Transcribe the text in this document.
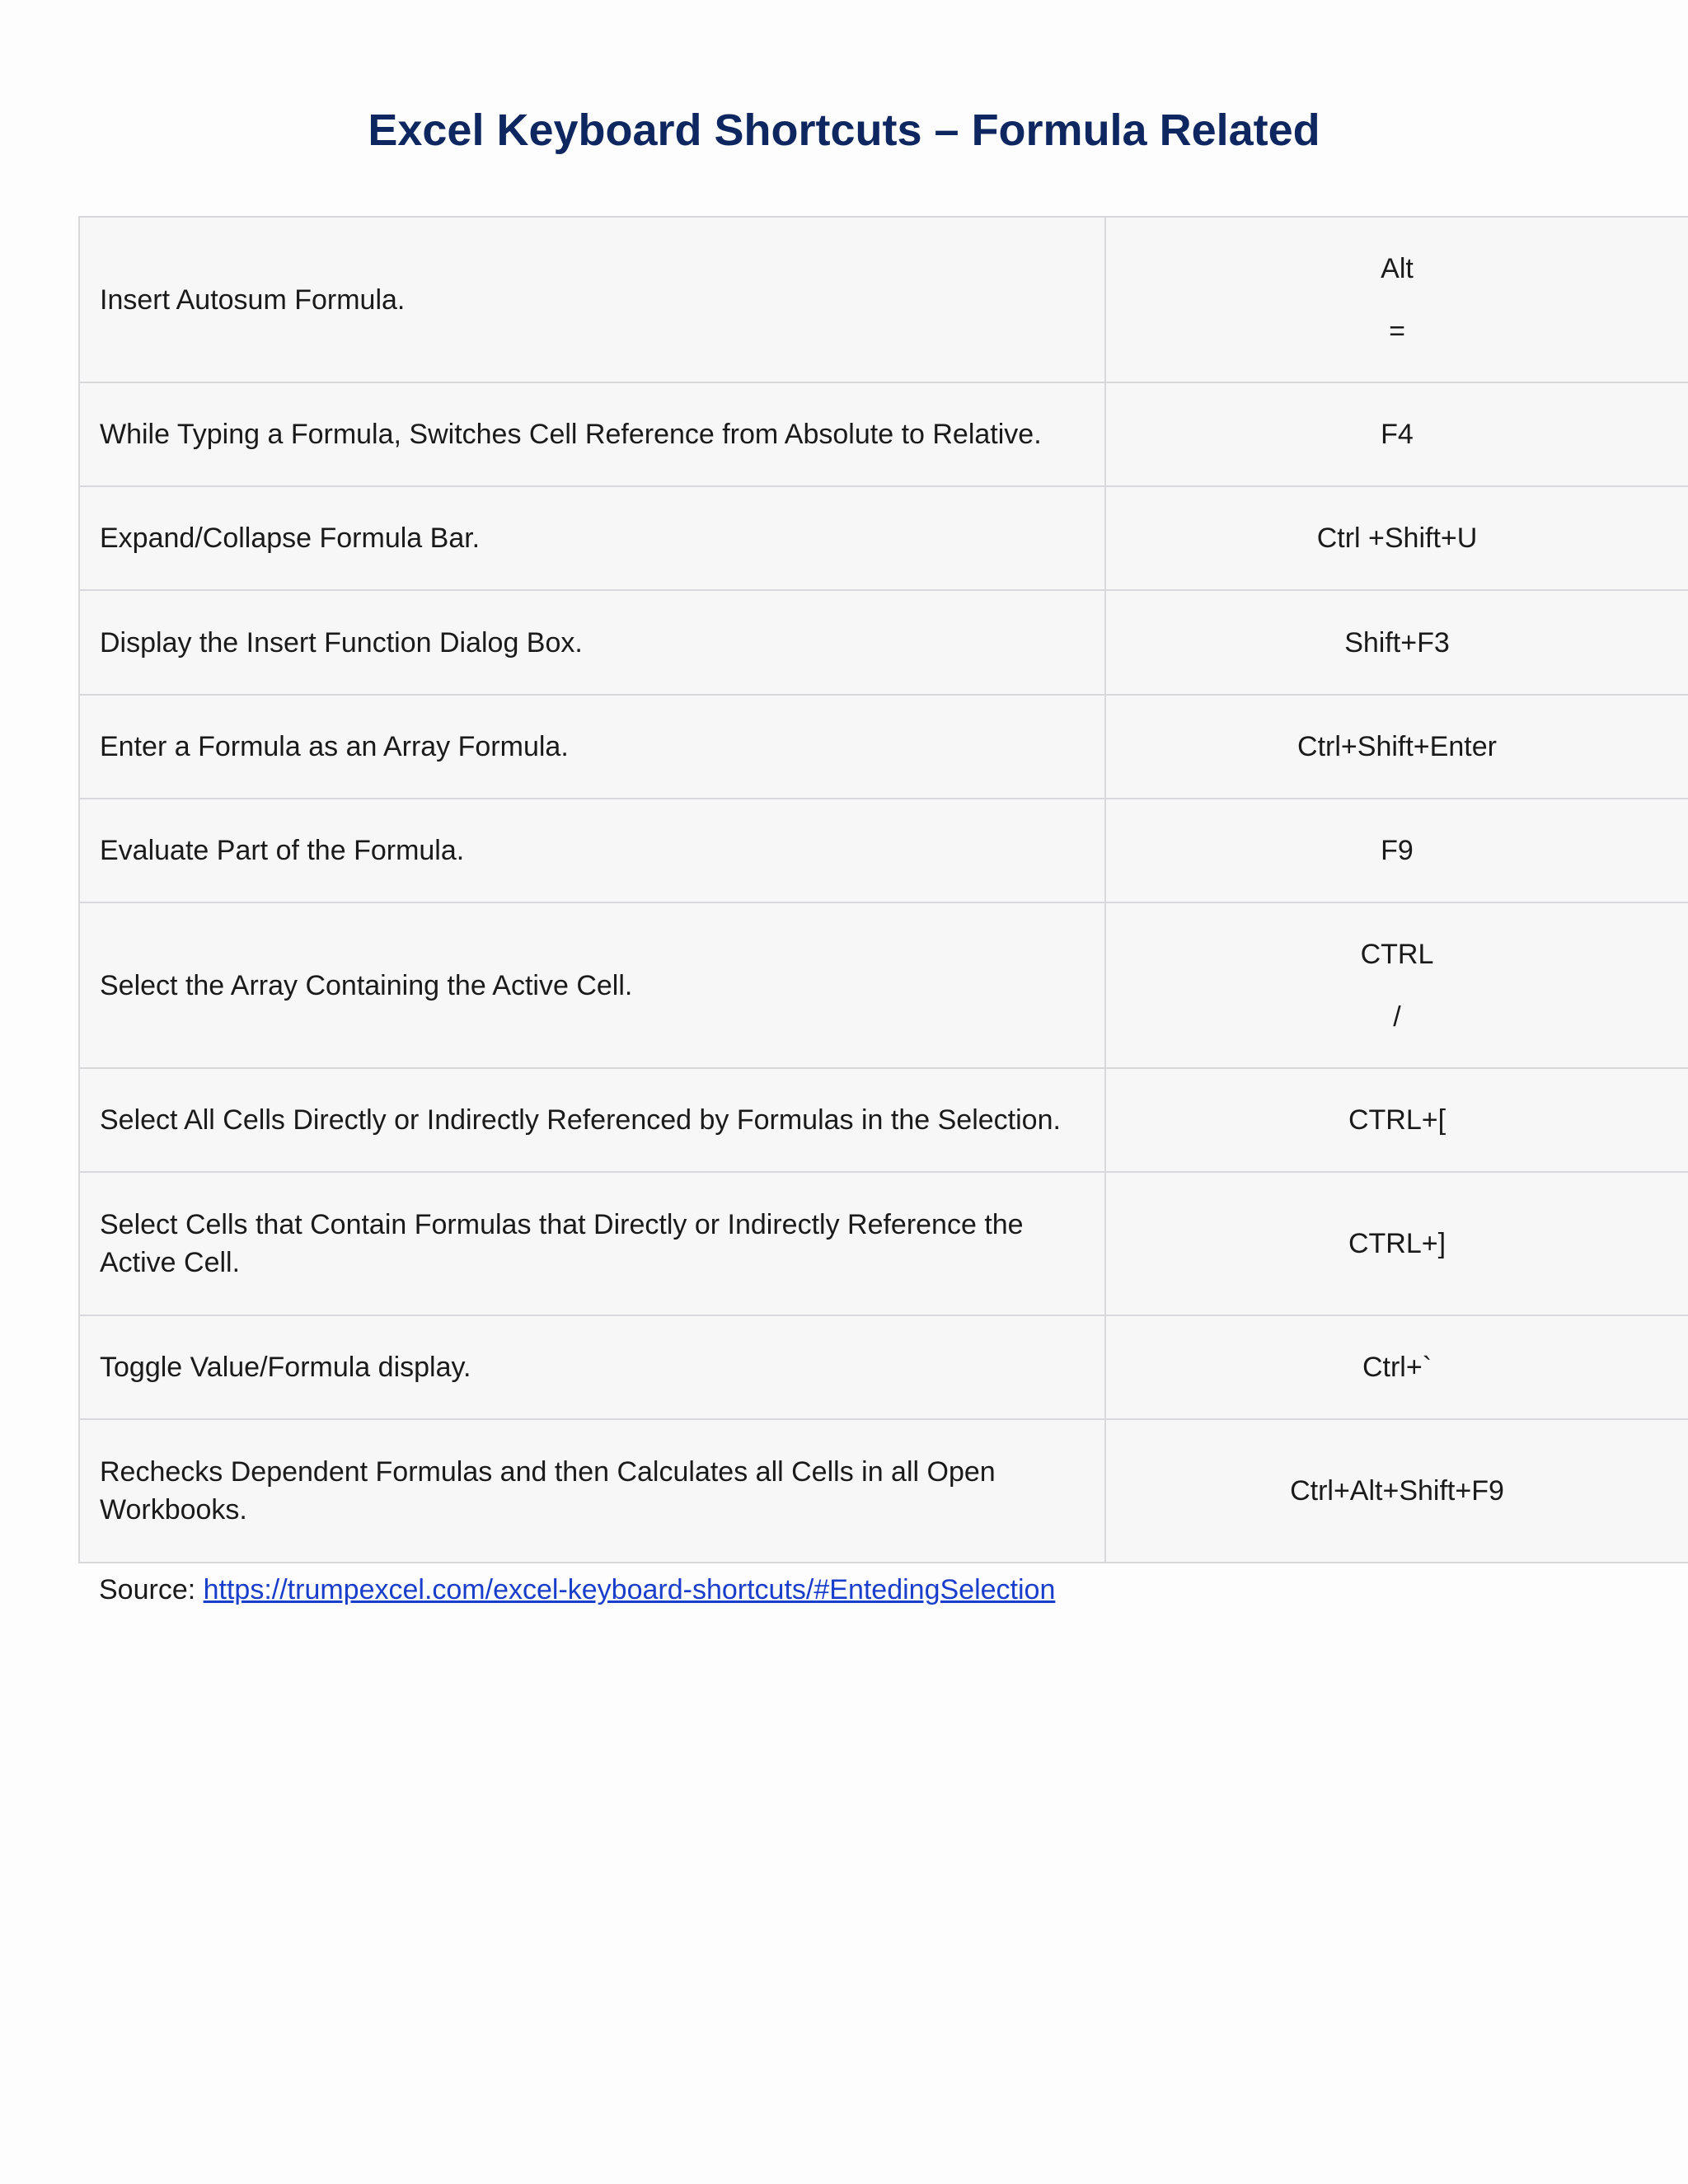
Excel Keyboard Shortcuts – Formula Related
Insert Autosum Formula.	Alt
=

While Typing a Formula, Switches Cell Reference from Absolute to Relative.	F4

Expand/Collapse Formula Bar.	Ctrl +Shift+U

Display the Insert Function Dialog Box.	Shift+F3

Enter a Formula as an Array Formula.	Ctrl+Shift+Enter

Evaluate Part of the Formula.	F9

Select the Array Containing the Active Cell.	CTRL
/

Select All Cells Directly or Indirectly Referenced by Formulas in the Selection.	CTRL+[

Select Cells that Contain Formulas that Directly or Indirectly Reference the Active Cell.	CTRL+]

Toggle Value/Formula display.	Ctrl+`

Rechecks Dependent Formulas and then Calculates all Cells in all Open Workbooks.	Ctrl+Alt+Shift+F9
Source: https://trumpexcel.com/excel-keyboard-shortcuts/#EntedingSelection
